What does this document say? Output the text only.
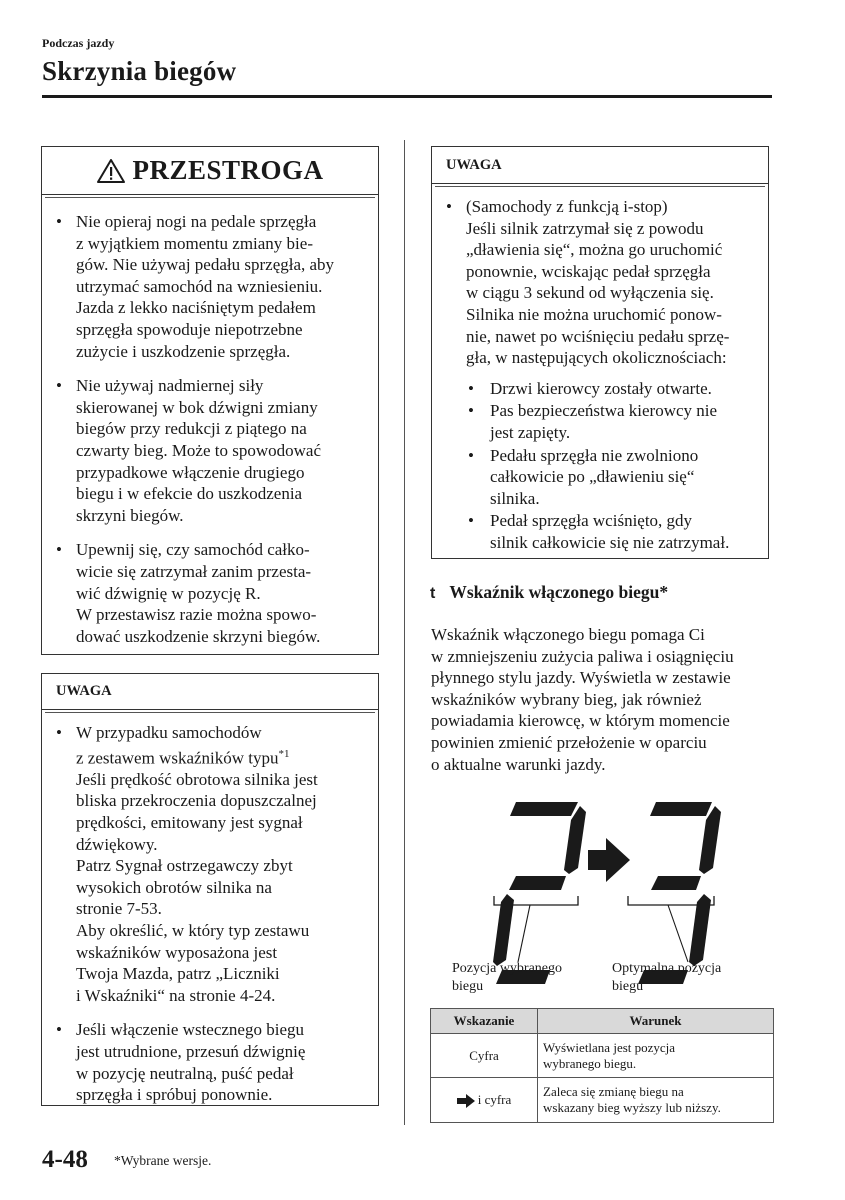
Podczas jazdy
Skrzynia biegów
PRZESTROGA
• Nie opieraj nogi na pedale sprzęgła
z wyjątkiem momentu zmiany bie-
gów. Nie używaj pedału sprzęgła, aby
utrzymać samochód na wzniesieniu.
Jazda z lekko naciśniętym pedałem
sprzęgła spowoduje niepotrzebne
zużycie i uszkodzenie sprzęgła.
• Nie używaj nadmiernej siły
skierowanej w bok dźwigni zmiany
biegów przy redukcji z piątego na
czwarty bieg. Może to spowodować
przypadkowe włączenie drugiego
biegu i w efekcie do uszkodzenia
skrzyni biegów.
• Upewnij się, czy samochód całko-
wicie się zatrzymał zanim przesta-
wić dźwignię w pozycję R.
W przestawisz razie można spowo-
dować uszkodzenie skrzyni biegów.
UWAGA
• W przypadku samochodów
z zestawem wskaźników typu$^{*1}$
Jeśli prędkość obrotowa silnika jest
bliska przekroczenia dopuszczalnej
prędkości, emitowany jest sygnał
dźwiękowy.
Patrz Sygnał ostrzegawczy zbyt
wysokich obrotów silnika na
stronie 7-53.
Aby określić, w który typ zestawu
wskaźników wyposażona jest
Twoja Mazda, patrz „Liczniki
i Wskaźniki“ na stronie 4-24.
• Jeśli włączenie wstecznego biegu
jest utrudnione, przesuń dźwignię
w pozycję neutralną, puść pedał
sprzęgła i spróbuj ponownie.
UWAGA
• (Samochody z funkcją i-stop)
Jeśli silnik zatrzymał się z powodu
„dławienia się“, można go uruchomić
ponownie, wciskając pedał sprzęgła
w ciągu 3 sekund od wyłączenia się.
Silnika nie można uruchomić ponow-
nie, nawet po wciśnięciu pedału sprzę-
gła, w następujących okolicznościach:
• Drzwi kierowcy zostały otwarte.
• Pas bezpieczeństwa kierowcy nie
jest zapięty.
• Pedału sprzęgła nie zwolniono
całkowicie po „dławieniu się“
silnika.
• Pedał sprzęgła wciśnięto, gdy
silnik całkowicie się nie zatrzymał.
t Wskaźnik włączonego biegu*
Wskaźnik włączonego biegu pomaga Ci
w zmniejszeniu zużycia paliwa i osiągnięciu
płynnego stylu jazdy. Wyświetla w zestawie
wskaźników wybrany bieg, jak również
powiadamia kierowcę, w którym momencie
powinien zmienić przełożenie w oparciu
o aktualne warunki jazdy.
Pozycja wybranego
biegu
Optymalna pozycja
biegu
Wskazanie	Warunek
Cyfra	Wyświetlana jest pozycja
wybranego biegu.

i cyfra	Zaleca się zmianę biegu na
wskazany bieg wyższy lub niższy.
4-48 *Wybrane wersje.
